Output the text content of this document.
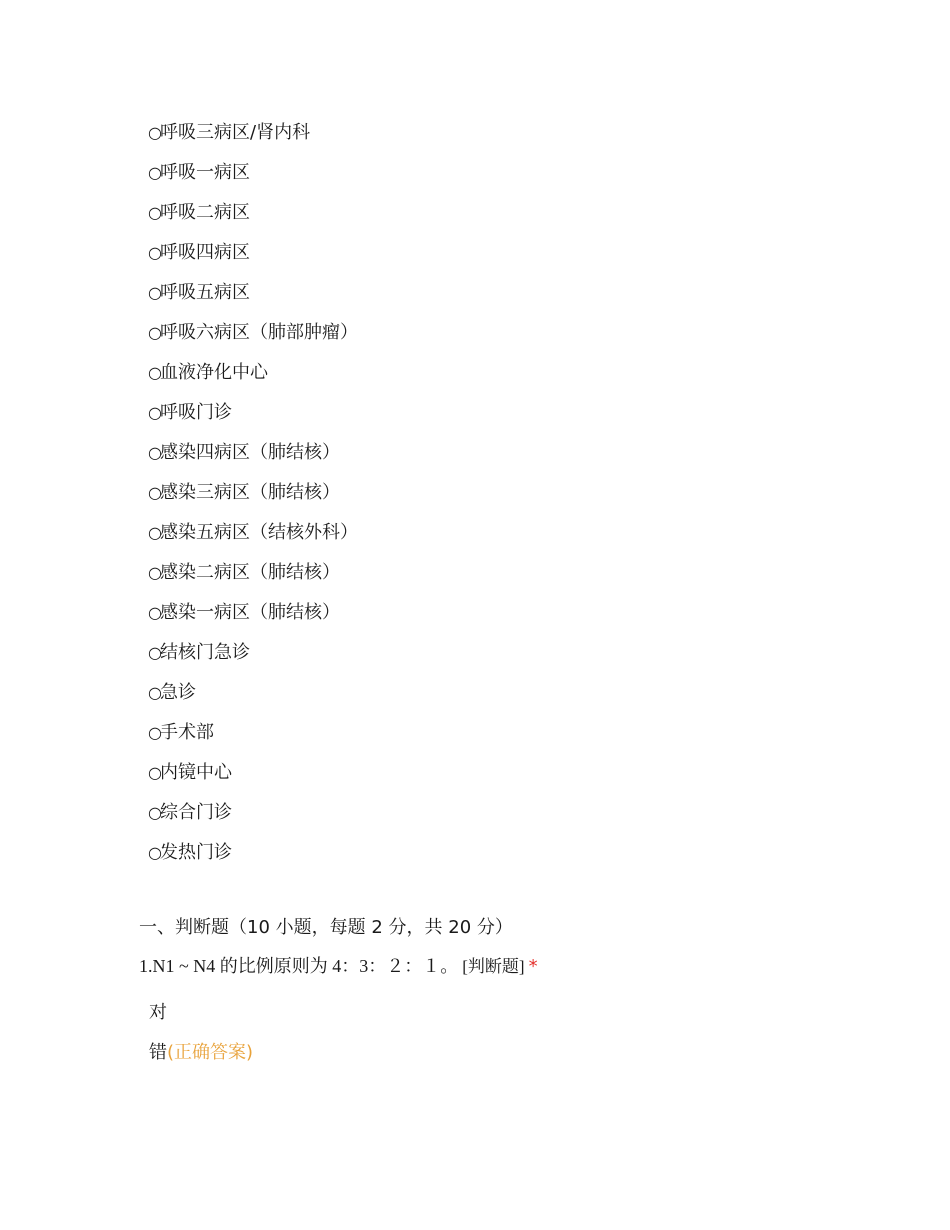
○
呼吸三病区/肾内科
○
呼吸一病区
○
呼吸二病区
○
呼吸四病区
○
呼吸五病区
○
呼吸六病区（肺部肿瘤）
○
血液净化中心
○
呼吸门诊
○
感染四病区（肺结核）
○
感染三病区（肺结核）
○
感染五病区（结核外科）
○
感染二病区（肺结核）
○
感染一病区（肺结核）
○
结核门急诊
○
急诊
○
手术部
○
内镜中心
○
综合门诊
○
发热门诊
一、判断题（10 小题，每题 2 分，共 20 分）
1.N1 ~ N4 的比例原则为 4：3：２：１。 [判断题] *
对
错(正确答案)
